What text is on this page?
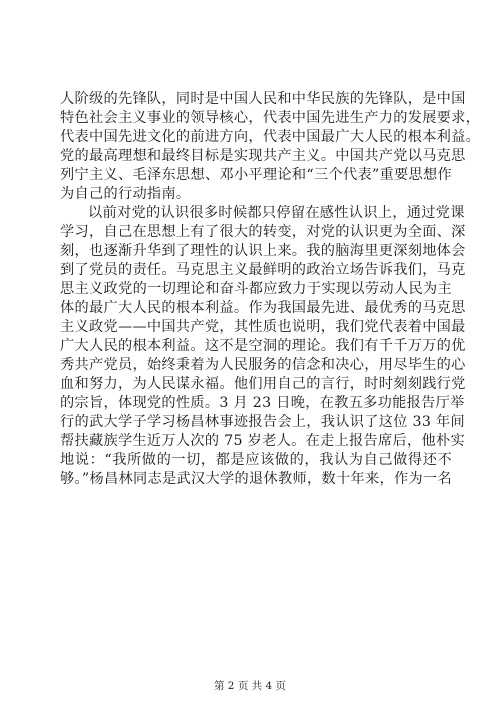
人阶级的先锋队，同时是中国人民和中华民族的先锋队，是中国

特色社会主义事业的领导核心，代表中国先进生产力的发展要求，

代表中国先进文化的前进方向，代表中国最广大人民的根本利益。

党的最高理想和最终目标是实现共产主义。中国共产党以马克思

列宁主义、毛泽东思想、邓小平理论和“三个代表”重要思想作

为自己的行动指南。

以前对党的认识很多时候都只停留在感性认识上，通过党课

学习，自己在思想上有了很大的转变，对党的认识更为全面、深

刻，也逐渐升华到了理性的认识上来。我的脑海里更深刻地体会

到了党员的责任。马克思主义最鲜明的政治立场告诉我们，马克

思主义政党的一切理论和奋斗都应致力于实现以劳动人民为主

体的最广大人民的根本利益。作为我国最先进、最优秀的马克思

主义政党——中国共产党，其性质也说明，我们党代表着中国最

广大人民的根本利益。这不是空洞的理论。我们有千千万万的优

秀共产党员，始终秉着为人民服务的信念和决心，用尽毕生的心

血和努力，为人民谋永福。他们用自己的言行，时时刻刻践行党

的宗旨，体现党的性质。3 月 23 日晚，在教五多功能报告厅举

行的武大学子学习杨昌林事迹报告会上，我认识了这位 33 年间

帮扶藏族学生近万人次的 75 岁老人。在走上报告席后，他朴实

地说：“我所做的一切，都是应该做的，我认为自己做得还不

够。”杨昌林同志是武汉大学的退休教师，数十年来，作为一名

第 2 页 共 4 页
